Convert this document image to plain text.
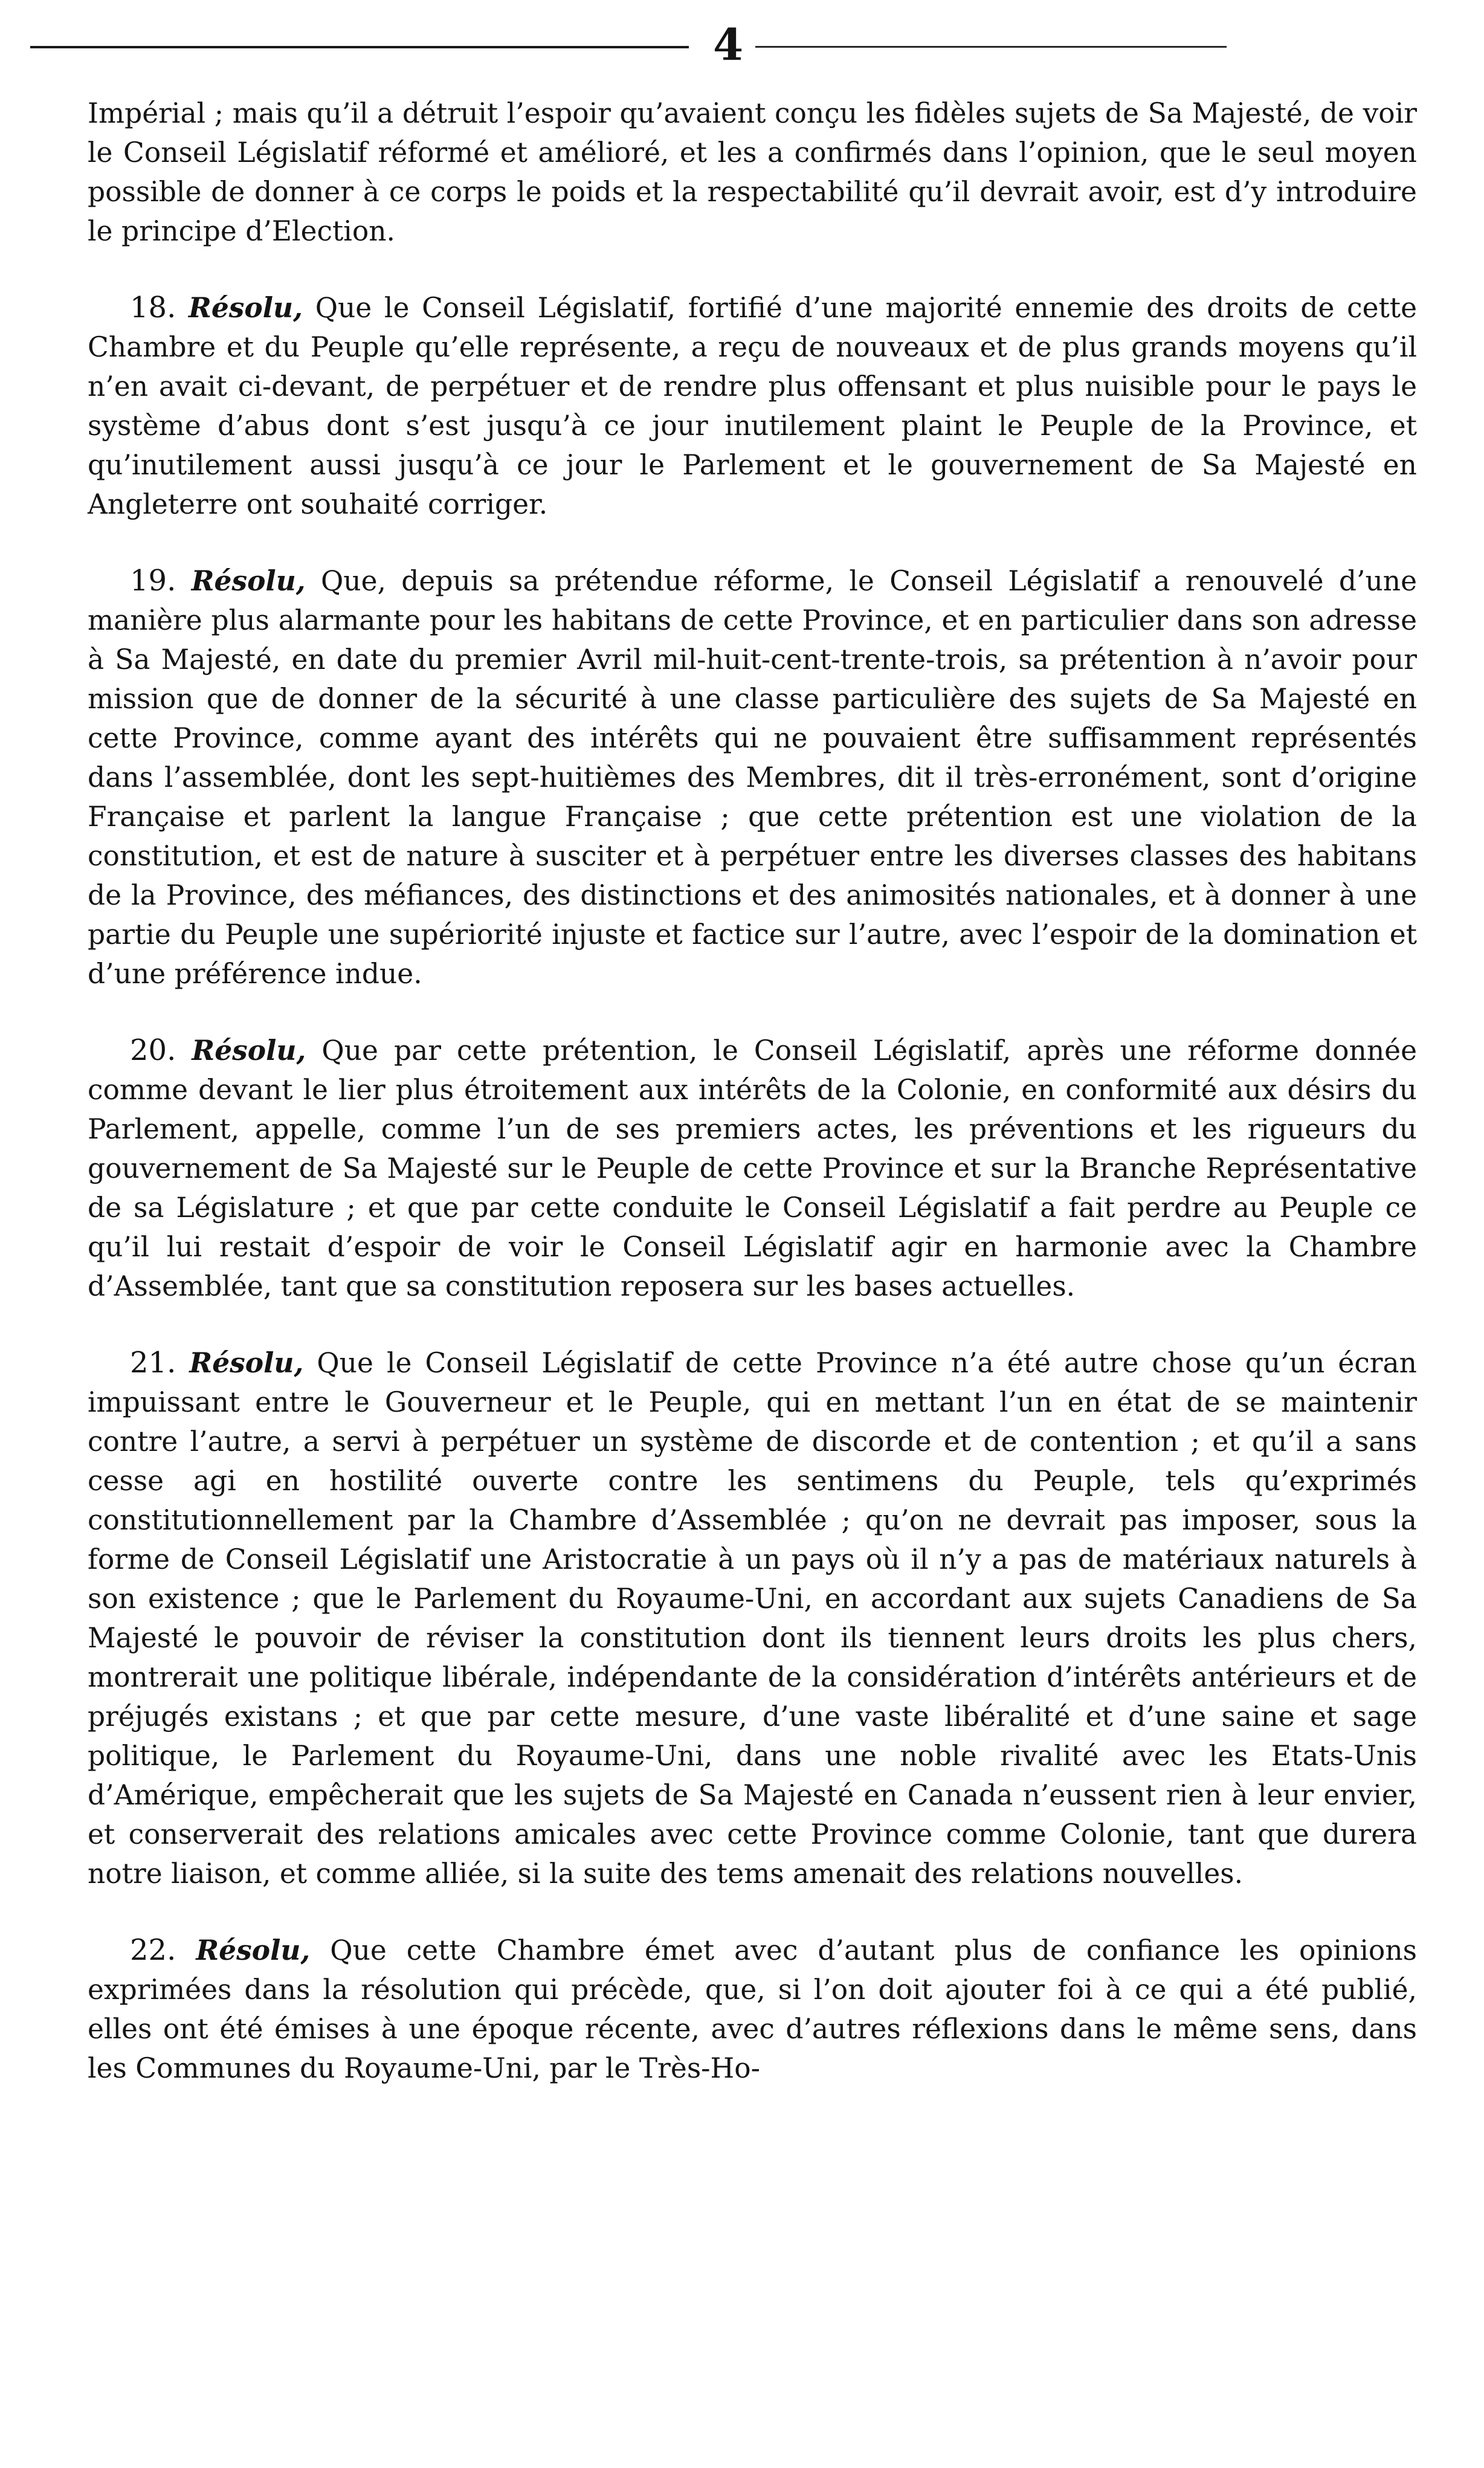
4

Impérial ; mais qu’il a détruit l’espoir qu’avaient conçu les fidèles sujets de Sa Majesté, de voir le Conseil Législatif réformé et amélioré, et les a confirmés dans l’opinion, que le seul moyen possible de donner à ce corps le poids et la respectabilité qu’il devrait avoir, est d’y introduire le principe d’Election.

18. Résolu, Que le Conseil Législatif, fortifié d’une majorité ennemie des droits de cette Chambre et du Peuple qu’elle représente, a reçu de nouveaux et de plus grands moyens qu’il n’en avait ci-devant, de perpétuer et de rendre plus offensant et plus nuisible pour le pays le système d’abus dont s’est jusqu’à ce jour inutilement plaint le Peuple de la Province, et qu’inutilement aussi jusqu’à ce jour le Parlement et le gouvernement de Sa Majesté en Angleterre ont souhaité corriger.

19. Résolu, Que, depuis sa prétendue réforme, le Conseil Législatif a renouvelé d’une manière plus alarmante pour les habitans de cette Province, et en particulier dans son adresse à Sa Majesté, en date du premier Avril mil-huit-cent-trente-trois, sa prétention à n’avoir pour mission que de donner de la sécurité à une classe particulière des sujets de Sa Majesté en cette Province, comme ayant des intérêts qui ne pouvaient être suffisamment représentés dans l’assemblée, dont les sept-huitièmes des Membres, dit il très-erronément, sont d’origine Française et parlent la langue Française ; que cette prétention est une violation de la constitution, et est de nature à susciter et à perpétuer entre les diverses classes des habitans de la Province, des méfiances, des distinctions et des animosités nationales, et à donner à une partie du Peuple une supériorité injuste et factice sur l’autre, avec l’espoir de la domination et d’une préférence indue.

20. Résolu, Que par cette prétention, le Conseil Législatif, après une réforme donnée comme devant le lier plus étroitement aux intérêts de la Colonie, en conformité aux désirs du Parlement, appelle, comme l’un de ses premiers actes, les préventions et les rigueurs du gouvernement de Sa Majesté sur le Peuple de cette Province et sur la Branche Représentative de sa Législature ; et que par cette conduite le Conseil Législatif a fait perdre au Peuple ce qu’il lui restait d’espoir de voir le Conseil Législatif agir en harmonie avec la Chambre d’Assemblée, tant que sa constitution reposera sur les bases actuelles.

21. Résolu, Que le Conseil Législatif de cette Province n’a été autre chose qu’un écran impuissant entre le Gouverneur et le Peuple, qui en mettant l’un en état de se maintenir contre l’autre, a servi à perpétuer un système de discorde et de contention ; et qu’il a sans cesse agi en hostilité ouverte contre les sentimens du Peuple, tels qu’exprimés constitutionnellement par la Chambre d’Assemblée ; qu’on ne devrait pas imposer, sous la forme de Conseil Législatif une Aristocratie à un pays où il n’y a pas de matériaux naturels à son existence ; que le Parlement du Royaume-Uni, en accordant aux sujets Canadiens de Sa Majesté le pouvoir de réviser la constitution dont ils tiennent leurs droits les plus chers, montrerait une politique libérale, indépendante de la considération d’intérêts antérieurs et de préjugés existans ; et que par cette mesure, d’une vaste libéralité et d’une saine et sage politique, le Parlement du Royaume-Uni, dans une noble rivalité avec les Etats-Unis d’Amérique, empêcherait que les sujets de Sa Majesté en Canada n’eussent rien à leur envier, et conserverait des relations amicales avec cette Province comme Colonie, tant que durera notre liaison, et comme alliée, si la suite des tems amenait des relations nouvelles.

22. Résolu, Que cette Chambre émet avec d’autant plus de confiance les opinions exprimées dans la résolution qui précède, que, si l’on doit ajouter foi à ce qui a été publié, elles ont été émises à une époque récente, avec d’autres réflexions dans le même sens, dans les Communes du Royaume-Uni, par le Très-Ho-
